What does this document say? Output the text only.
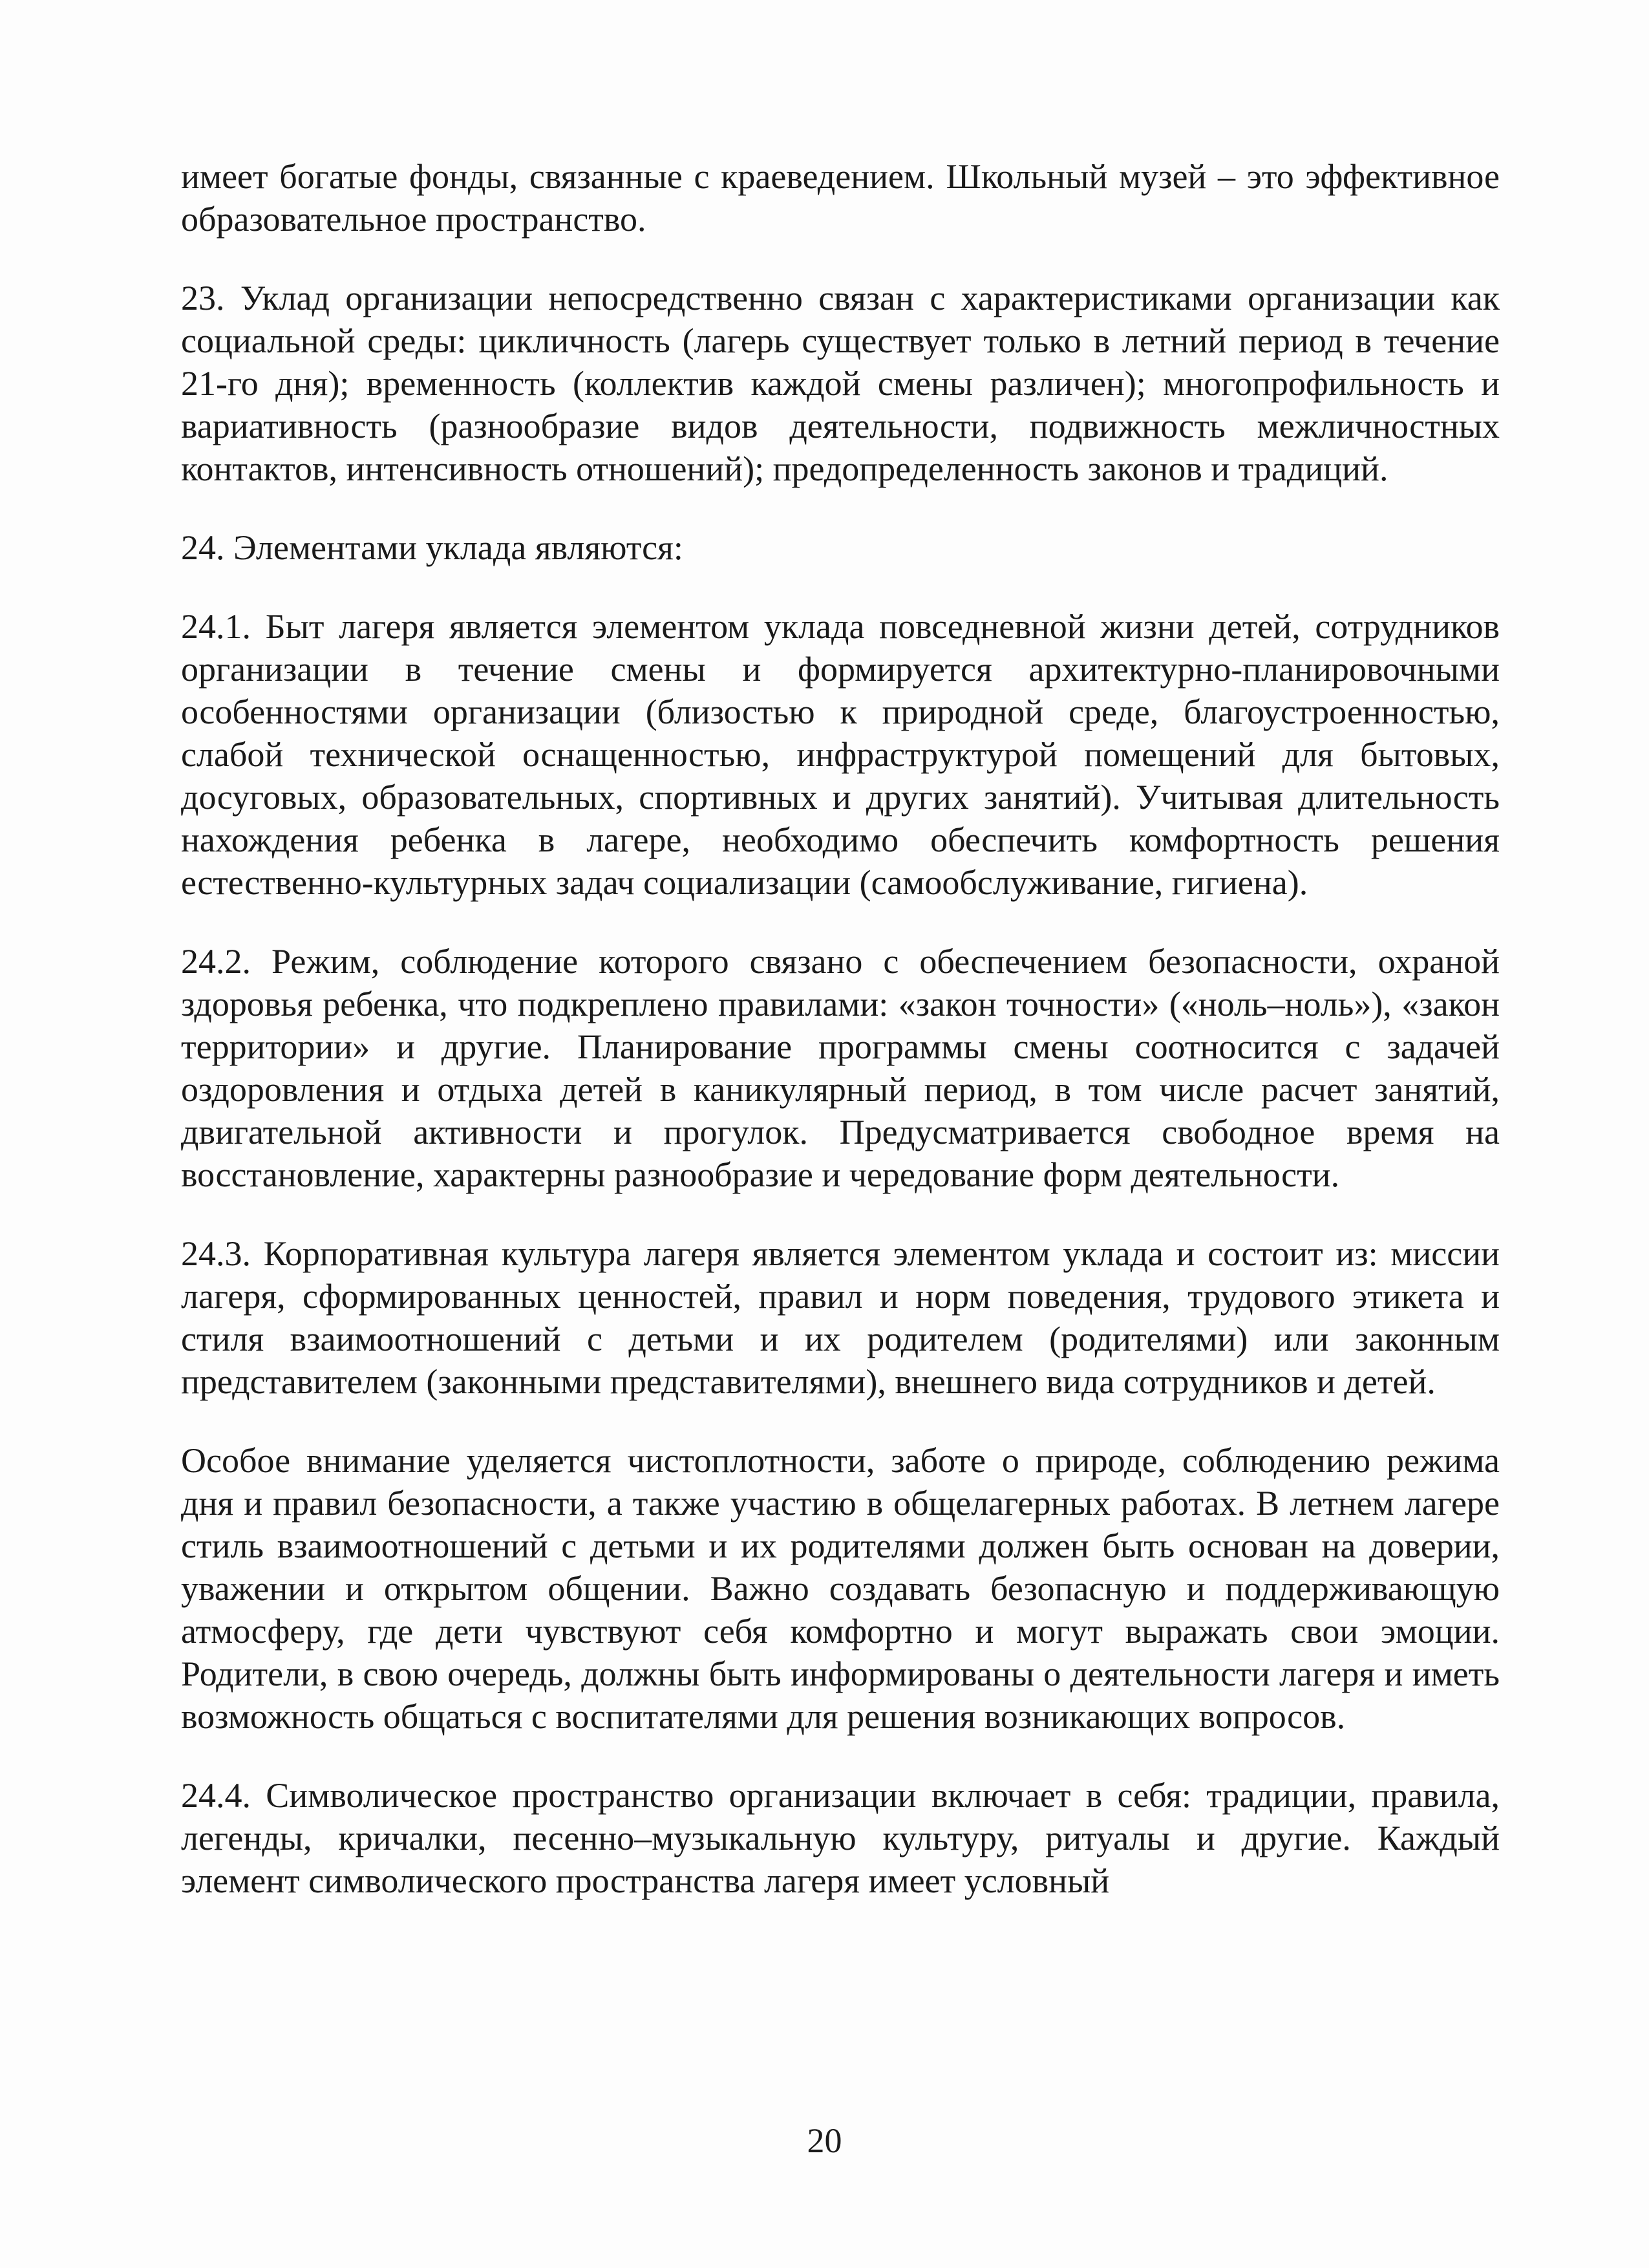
имеет богатые фонды, связанные с краеведением. Школьный музей – это эффективное образовательное пространство.

23. Уклад организации непосредственно связан с характеристиками организации как социальной среды: цикличность (лагерь существует только в летний период в течение 21-го дня); временность (коллектив каждой смены различен); многопрофильность и вариативность (разнообразие видов деятельности, подвижность межличностных контактов, интенсивность отношений); предопределенность законов и традиций.

24. Элементами уклада являются:

24.1. Быт лагеря является элементом уклада повседневной жизни детей, сотрудников организации в течение смены и формируется архитектурно-планировочными особенностями организации (близостью к природной среде, благоустроенностью, слабой технической оснащенностью, инфраструктурой помещений для бытовых, досуговых, образовательных, спортивных и других занятий). Учитывая длительность нахождения ребенка в лагере, необходимо обеспечить комфортность решения естественно-культурных задач социализации (самообслуживание, гигиена).

24.2. Режим, соблюдение которого связано с обеспечением безопасности, охраной здоровья ребенка, что подкреплено правилами: «закон точности» («ноль–ноль»), «закон территории» и другие. Планирование программы смены соотносится с задачей оздоровления и отдыха детей в каникулярный период, в том числе расчет занятий, двигательной активности и прогулок. Предусматривается свободное время на восстановление, характерны разнообразие и чередование форм деятельности.

24.3. Корпоративная культура лагеря является элементом уклада и состоит из: миссии лагеря, сформированных ценностей, правил и норм поведения, трудового этикета и стиля взаимоотношений с детьми и их родителем (родителями) или законным представителем (законными представителями), внешнего вида сотрудников и детей.

Особое внимание уделяется чистоплотности, заботе о природе, соблюдению режима дня и правил безопасности, а также участию в общелагерных работах. В летнем лагере стиль взаимоотношений с детьми и их родителями должен быть основан на доверии, уважении и открытом общении. Важно создавать безопасную и поддерживающую атмосферу, где дети чувствуют себя комфортно и могут выражать свои эмоции. Родители, в свою очередь, должны быть информированы о деятельности лагеря и иметь возможность общаться с воспитателями для решения возникающих вопросов.

24.4. Символическое пространство организации включает в себя: традиции, правила, легенды, кричалки, песенно–музыкальную культуру, ритуалы и другие. Каждый элемент символического пространства лагеря имеет условный

20
